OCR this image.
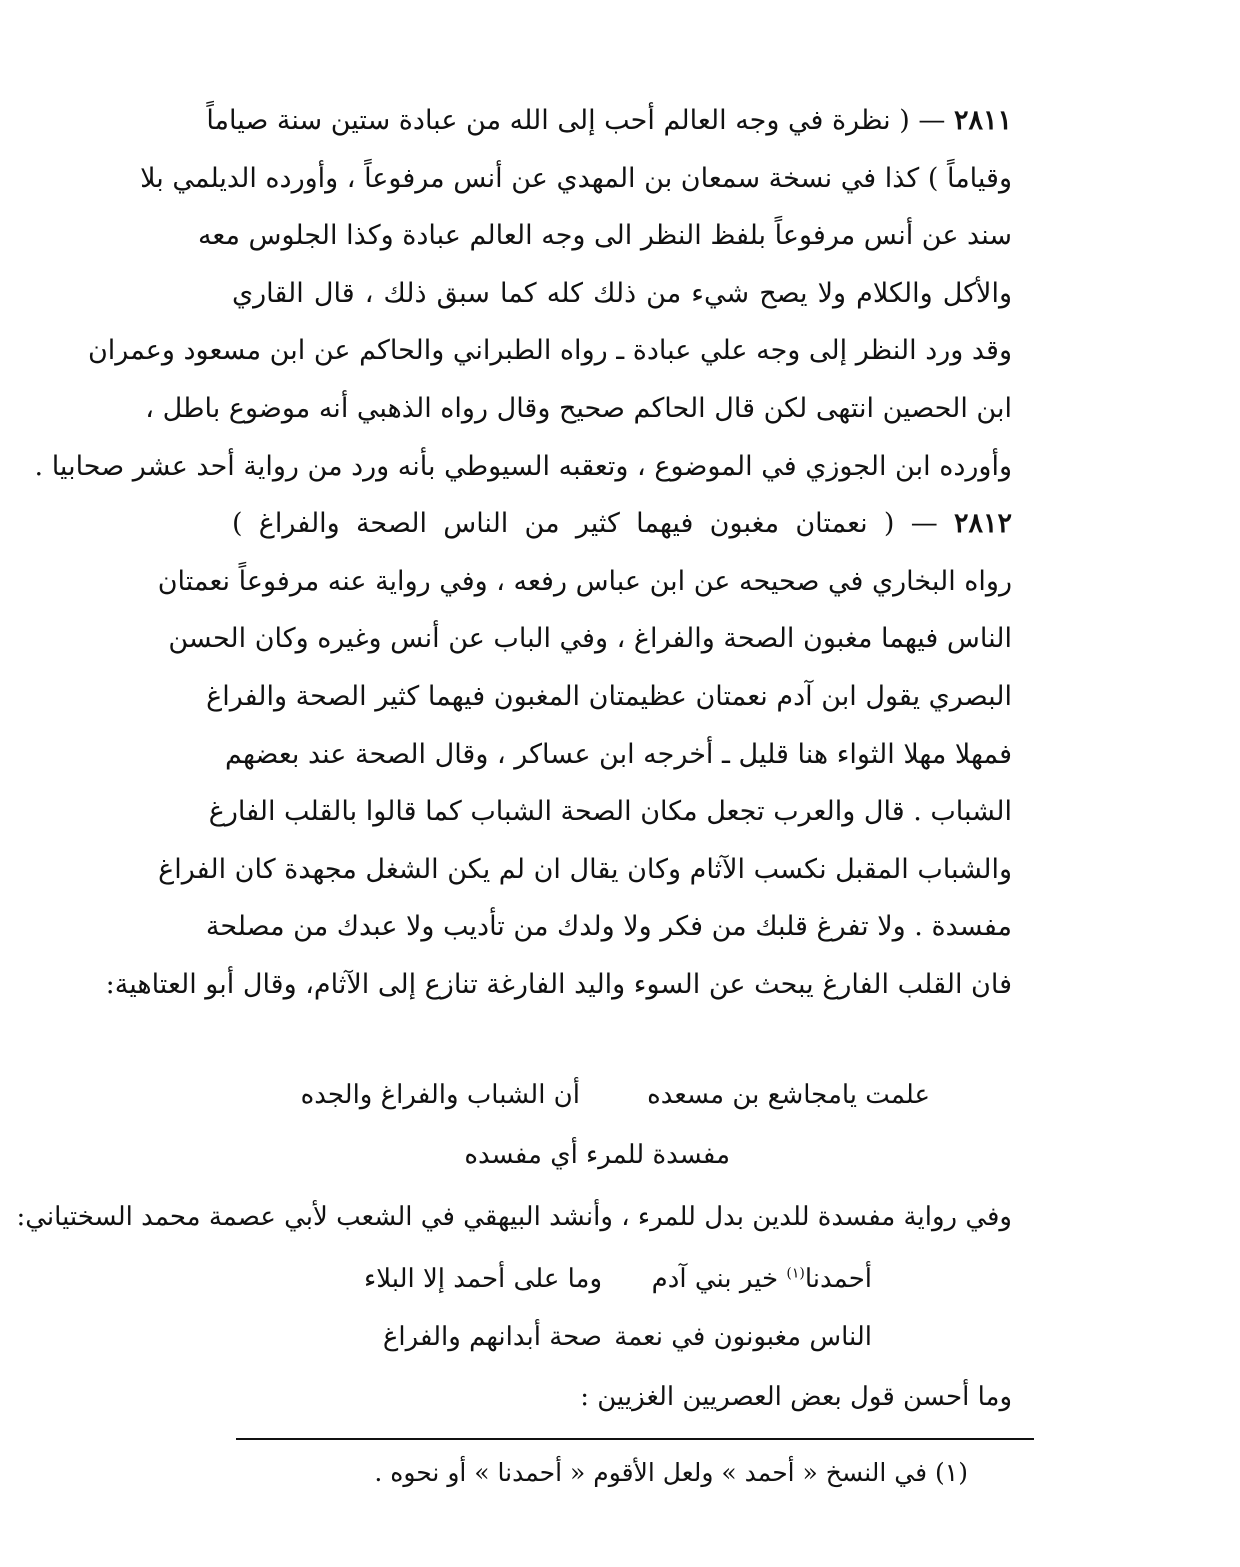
٢٨١١ — ( نظرة في وجه العالم أحب إلى الله من عبادة ستين سنة صياماً
وقياماً ) كذا في نسخة سمعان بن المهدي عن أنس مرفوعاً ، وأورده الديلمي بلا
سند عن أنس مرفوعاً بلفظ النظر الى وجه العالم عبادة وكذا الجلوس معه
والأكل والكلام ولا يصح شيء من ذلك كله كما سبق ذلك ، قال القاري
وقد ورد النظر إلى وجه علي عبادة ـ رواه الطبراني والحاكم عن ابن مسعود وعمران
ابن الحصين انتهى لكن قال الحاكم صحيح وقال رواه الذهبي أنه موضوع باطل ،
وأورده ابن الجوزي في الموضوع ، وتعقبه السيوطي بأنه ورد من رواية أحد عشر صحابيا .
٢٨١٢ — ( نعمتان مغبون فيهما كثير من الناس الصحة والفراغ )
رواه البخاري في صحيحه عن ابن عباس رفعه ، وفي رواية عنه مرفوعاً نعمتان
الناس فيهما مغبون الصحة والفراغ ، وفي الباب عن أنس وغيره وكان الحسن
البصري يقول ابن آدم نعمتان عظيمتان المغبون فيهما كثير الصحة والفراغ
فمهلا مهلا الثواء هنا قليل ـ أخرجه ابن عساكر ، وقال الصحة عند بعضهم
الشباب . قال والعرب تجعل مكان الصحة الشباب كما قالوا بالقلب الفارغ
والشباب المقبل نكسب الآثام وكان يقال ان لم يكن الشغل مجهدة كان الفراغ
مفسدة . ولا تفرغ قلبك من فكر ولا ولدك من تأديب ولا عبدك من مصلحة
فان القلب الفارغ يبحث عن السوء واليد الفارغة تنازع إلى الآثام، وقال أبو العتاهية:
علمت يامجاشع بن مسعده
أن الشباب والفراغ والجده
مفسدة للمرء أي مفسده
وفي رواية مفسدة للدين بدل للمرء ، وأنشد البيهقي في الشعب لأبي عصمة محمد السختياني:
أحمدنا$^{(١)}$ خير بني آدم
وما على أحمد إلا البلاء
الناس مغبونون في نعمة
صحة أبدانهم والفراغ
وما أحسن قول بعض العصريين الغزيين :
(١) في النسخ « أحمد » ولعل الأقوم « أحمدنا » أو نحوه .
